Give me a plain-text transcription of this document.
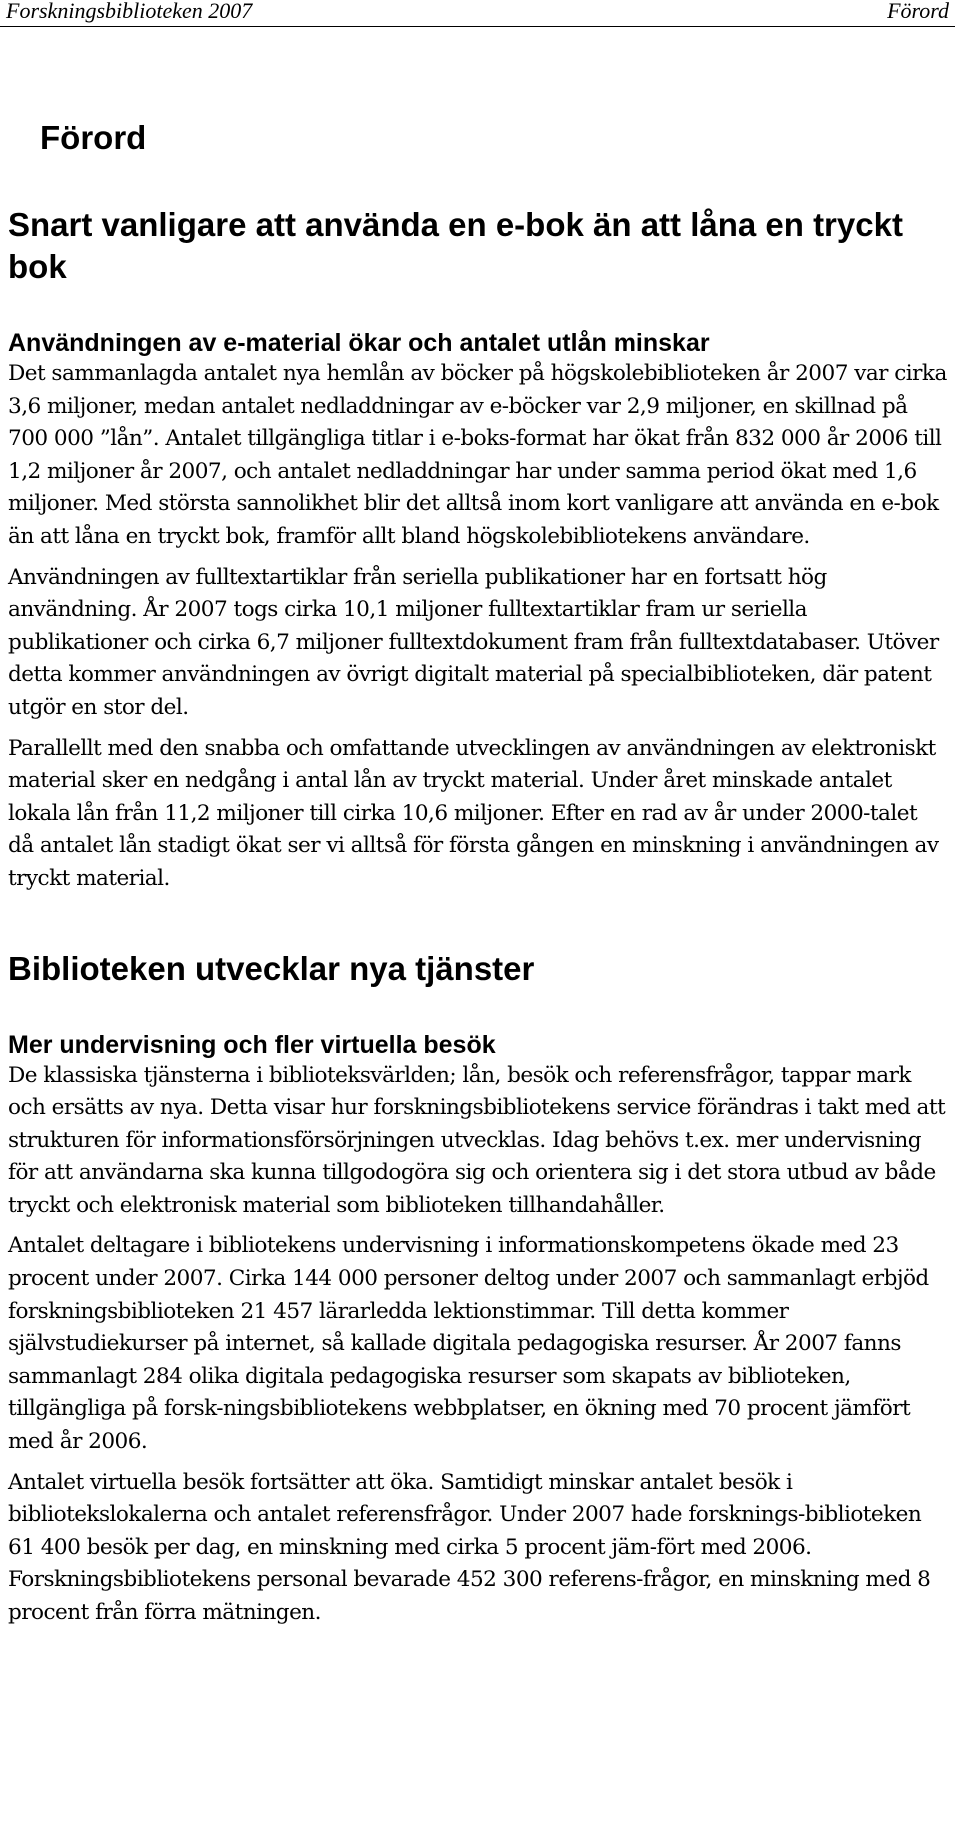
Forskningsbiblioteken 2007	Förord
Förord
Snart vanligare att använda en e-bok än att låna en tryckt bok
Användningen av e-material ökar och antalet utlån minskar

Det sammanlagda antalet nya hemlån av böcker på högskolebiblioteken år 2007 var cirka 3,6 miljoner, medan antalet nedladdningar av e-böcker var 2,9 miljoner, en skillnad på 700 000 ”lån”. Antalet tillgängliga titlar i e-boks-format har ökat från 832 000 år 2006 till 1,2 miljoner år 2007, och antalet nedladdningar har under samma period ökat med 1,6 miljoner. Med största sannolikhet blir det alltså inom kort vanligare att använda en e-bok än att låna en tryckt bok, framför allt bland högskolebibliotekens användare.

Användningen av fulltextartiklar från seriella publikationer har en fortsatt hög användning. År 2007 togs cirka 10,1 miljoner fulltextartiklar fram ur seriella publikationer och cirka 6,7 miljoner fulltextdokument fram från fulltextdatabaser. Utöver detta kommer användningen av övrigt digitalt material på specialbiblioteken, där patent utgör en stor del.

Parallellt med den snabba och omfattande utvecklingen av användningen av elektroniskt material sker en nedgång i antal lån av tryckt material. Under året minskade antalet lokala lån från 11,2 miljoner till cirka 10,6 miljoner. Efter en rad av år under 2000-talet då antalet lån stadigt ökat ser vi alltså för första gången en minskning i användningen av tryckt material.

Biblioteken utvecklar nya tjänster
Mer undervisning och fler virtuella besök

De klassiska tjänsterna i biblioteksvärlden; lån, besök och referensfrågor, tappar mark och ersätts av nya. Detta visar hur forskningsbibliotekens service förändras i takt med att strukturen för informationsförsörjningen utvecklas. Idag behövs t.ex. mer undervisning för att användarna ska kunna tillgodogöra sig och orientera sig i det stora utbud av både tryckt och elektronisk material som biblioteken tillhandahåller.

Antalet deltagare i bibliotekens undervisning i informationskompetens ökade med 23 procent under 2007. Cirka 144 000 personer deltog under 2007 och sammanlagt erbjöd forskningsbiblioteken 21 457 lärarledda lektionstimmar. Till detta kommer självstudiekurser på internet, så kallade digitala pedagogiska resurser. År 2007 fanns sammanlagt 284 olika digitala pedagogiska resurser som skapats av biblioteken, tillgängliga på forsk-ningsbibliotekens webbplatser, en ökning med 70 procent jämfört med år 2006.

Antalet virtuella besök fortsätter att öka. Samtidigt minskar antalet besök i bibliotekslokalerna och antalet referensfrågor. Under 2007 hade forsknings-biblioteken 61 400 besök per dag, en minskning med cirka 5 procent jäm-fört med 2006. Forskningsbibliotekens personal bevarade 452 300 referens-frågor, en minskning med 8 procent från förra mätningen.
